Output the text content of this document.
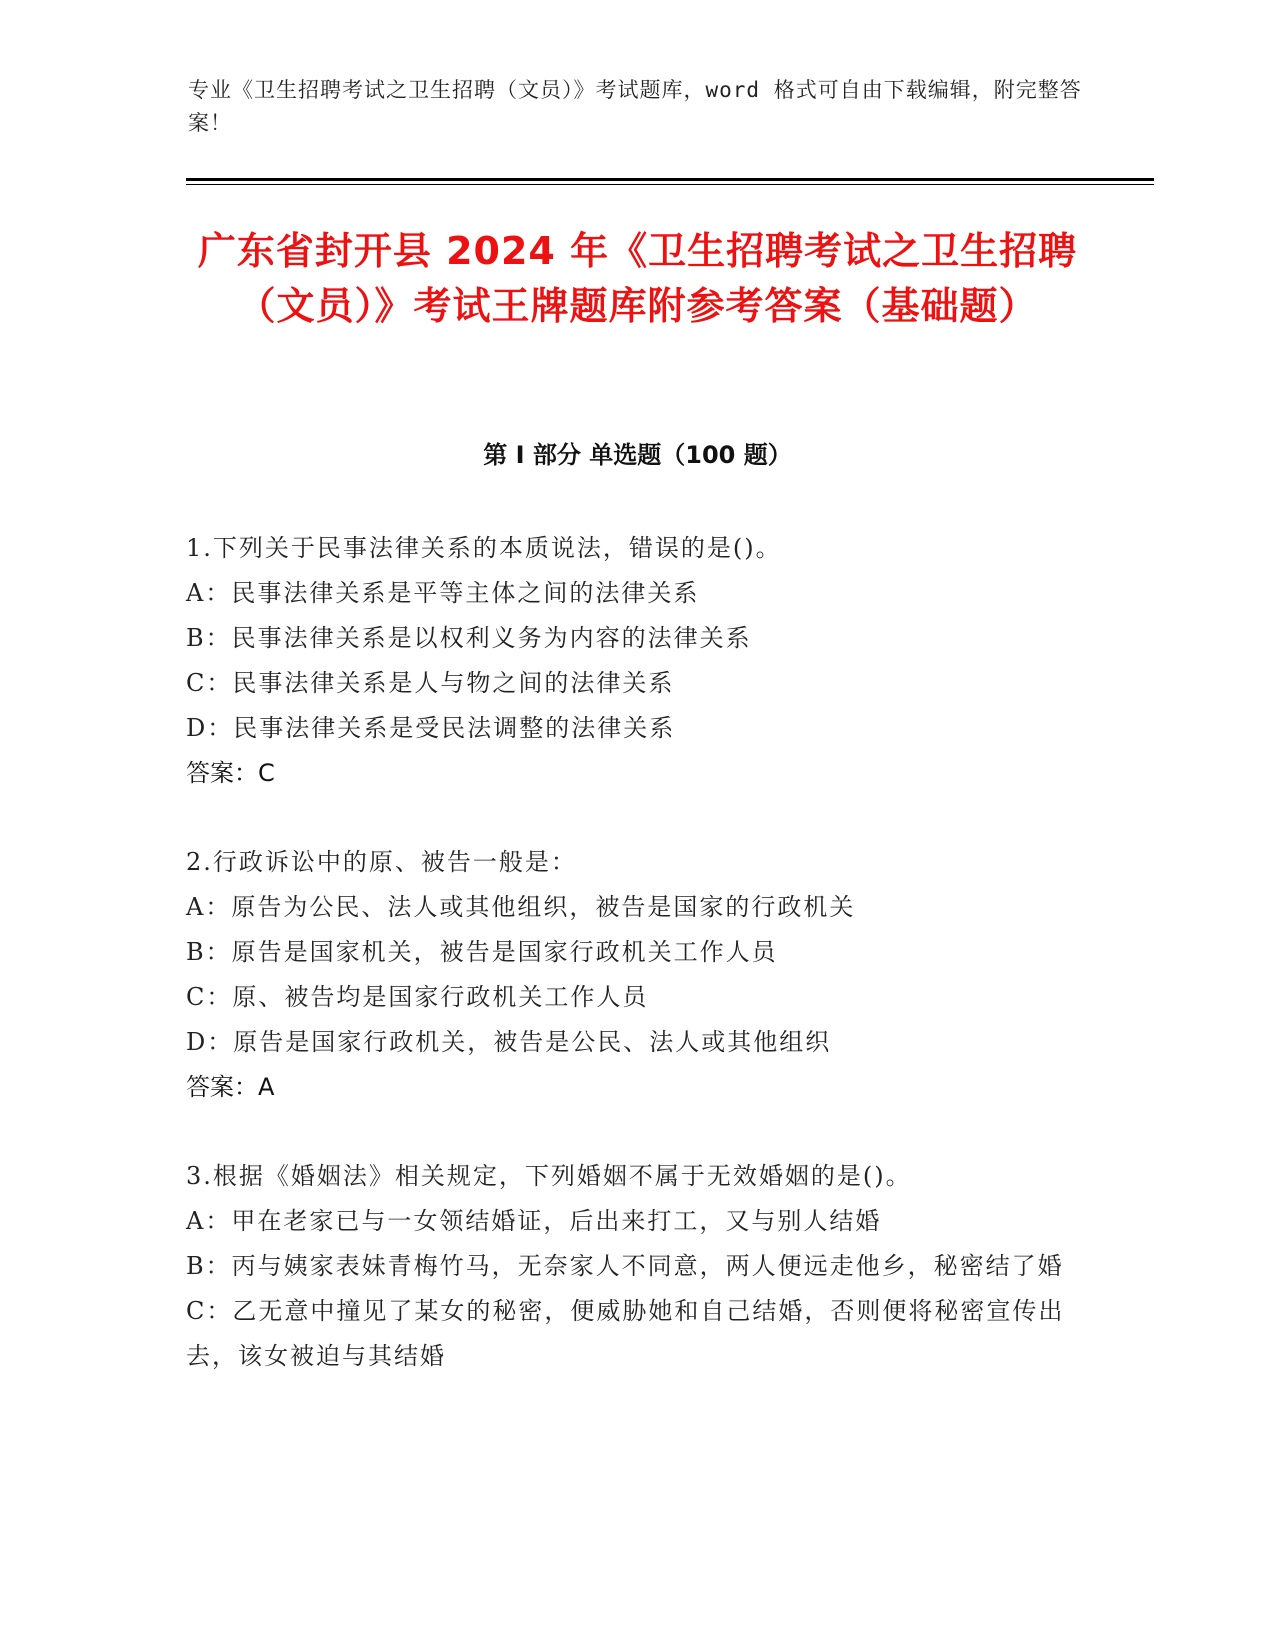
专业《卫生招聘考试之卫生招聘（文员）》考试题库，word 格式可自由下载编辑，附完整答案！
广东省封开县 2024 年《卫生招聘考试之卫生招聘（文员）》考试王牌题库附参考答案（基础题）
第 I 部分 单选题（100 题）
1.下列关于民事法律关系的本质说法，错误的是()。
A：民事法律关系是平等主体之间的法律关系
B：民事法律关系是以权利义务为内容的法律关系
C：民事法律关系是人与物之间的法律关系
D：民事法律关系是受民法调整的法律关系
答案：C
2.行政诉讼中的原、被告一般是：
A：原告为公民、法人或其他组织，被告是国家的行政机关
B：原告是国家机关，被告是国家行政机关工作人员
C：原、被告均是国家行政机关工作人员
D：原告是国家行政机关，被告是公民、法人或其他组织
答案：A
3.根据《婚姻法》相关规定，下列婚姻不属于无效婚姻的是()。
A：甲在老家已与一女领结婚证，后出来打工，又与别人结婚
B：丙与姨家表妹青梅竹马，无奈家人不同意，两人便远走他乡，秘密结了婚
C：乙无意中撞见了某女的秘密，便威胁她和自己结婚，否则便将秘密宣传出去，该女被迫与其结婚
